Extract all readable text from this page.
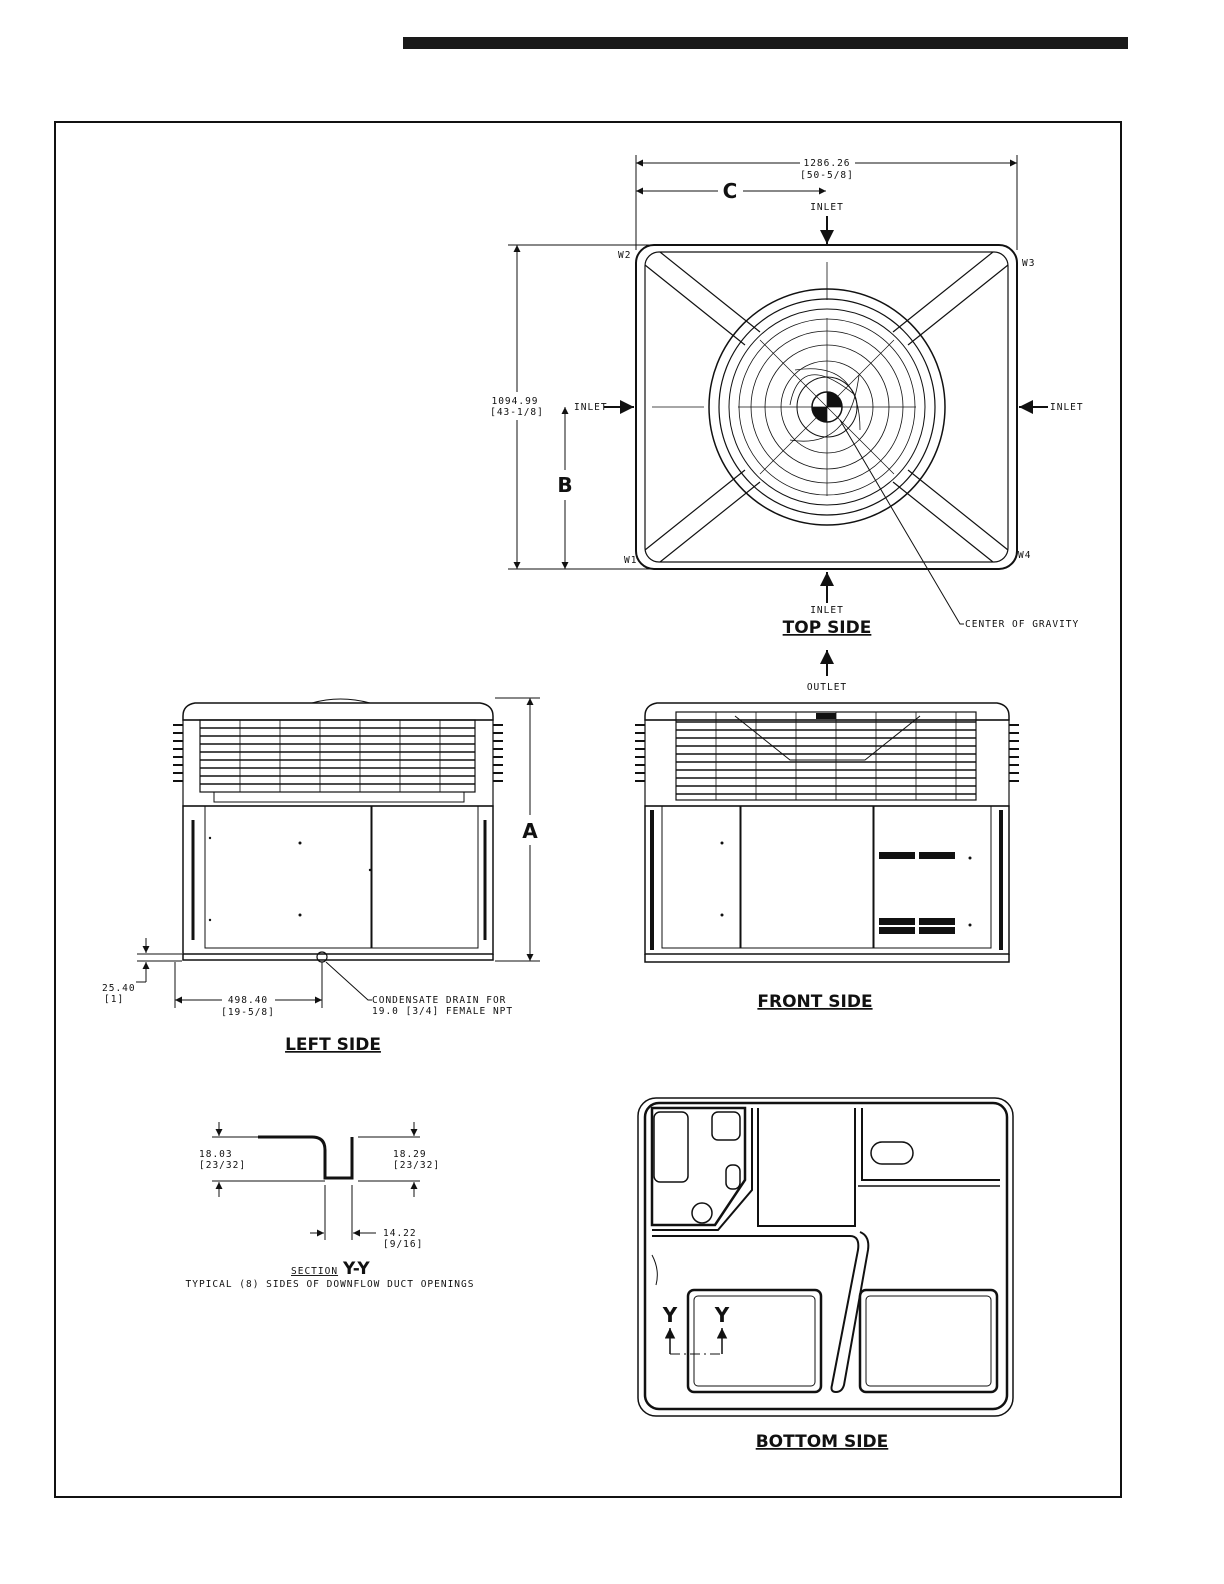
1286.26
[50-5/8]
C
INLET
1094.99
[43-1/8]
B
INLET	INLET
W2
W3
W1	W4
CENTER OF GRAVITY
INLET
TOP SIDE
OUTLET
A
25.40
[1]	498.40
[19-5/8]
CONDENSATE DRAIN FOR
19.0 [3/4] FEMALE NPT
LEFT SIDE
FRONT SIDE
18.03
[23/32]
18.29
[23/32]
14.22
[9/16]
SECTION Y-Y
TYPICAL (8) SIDES OF DOWNFLOW DUCT OPENINGS
Y Y
BOTTOM SIDE
